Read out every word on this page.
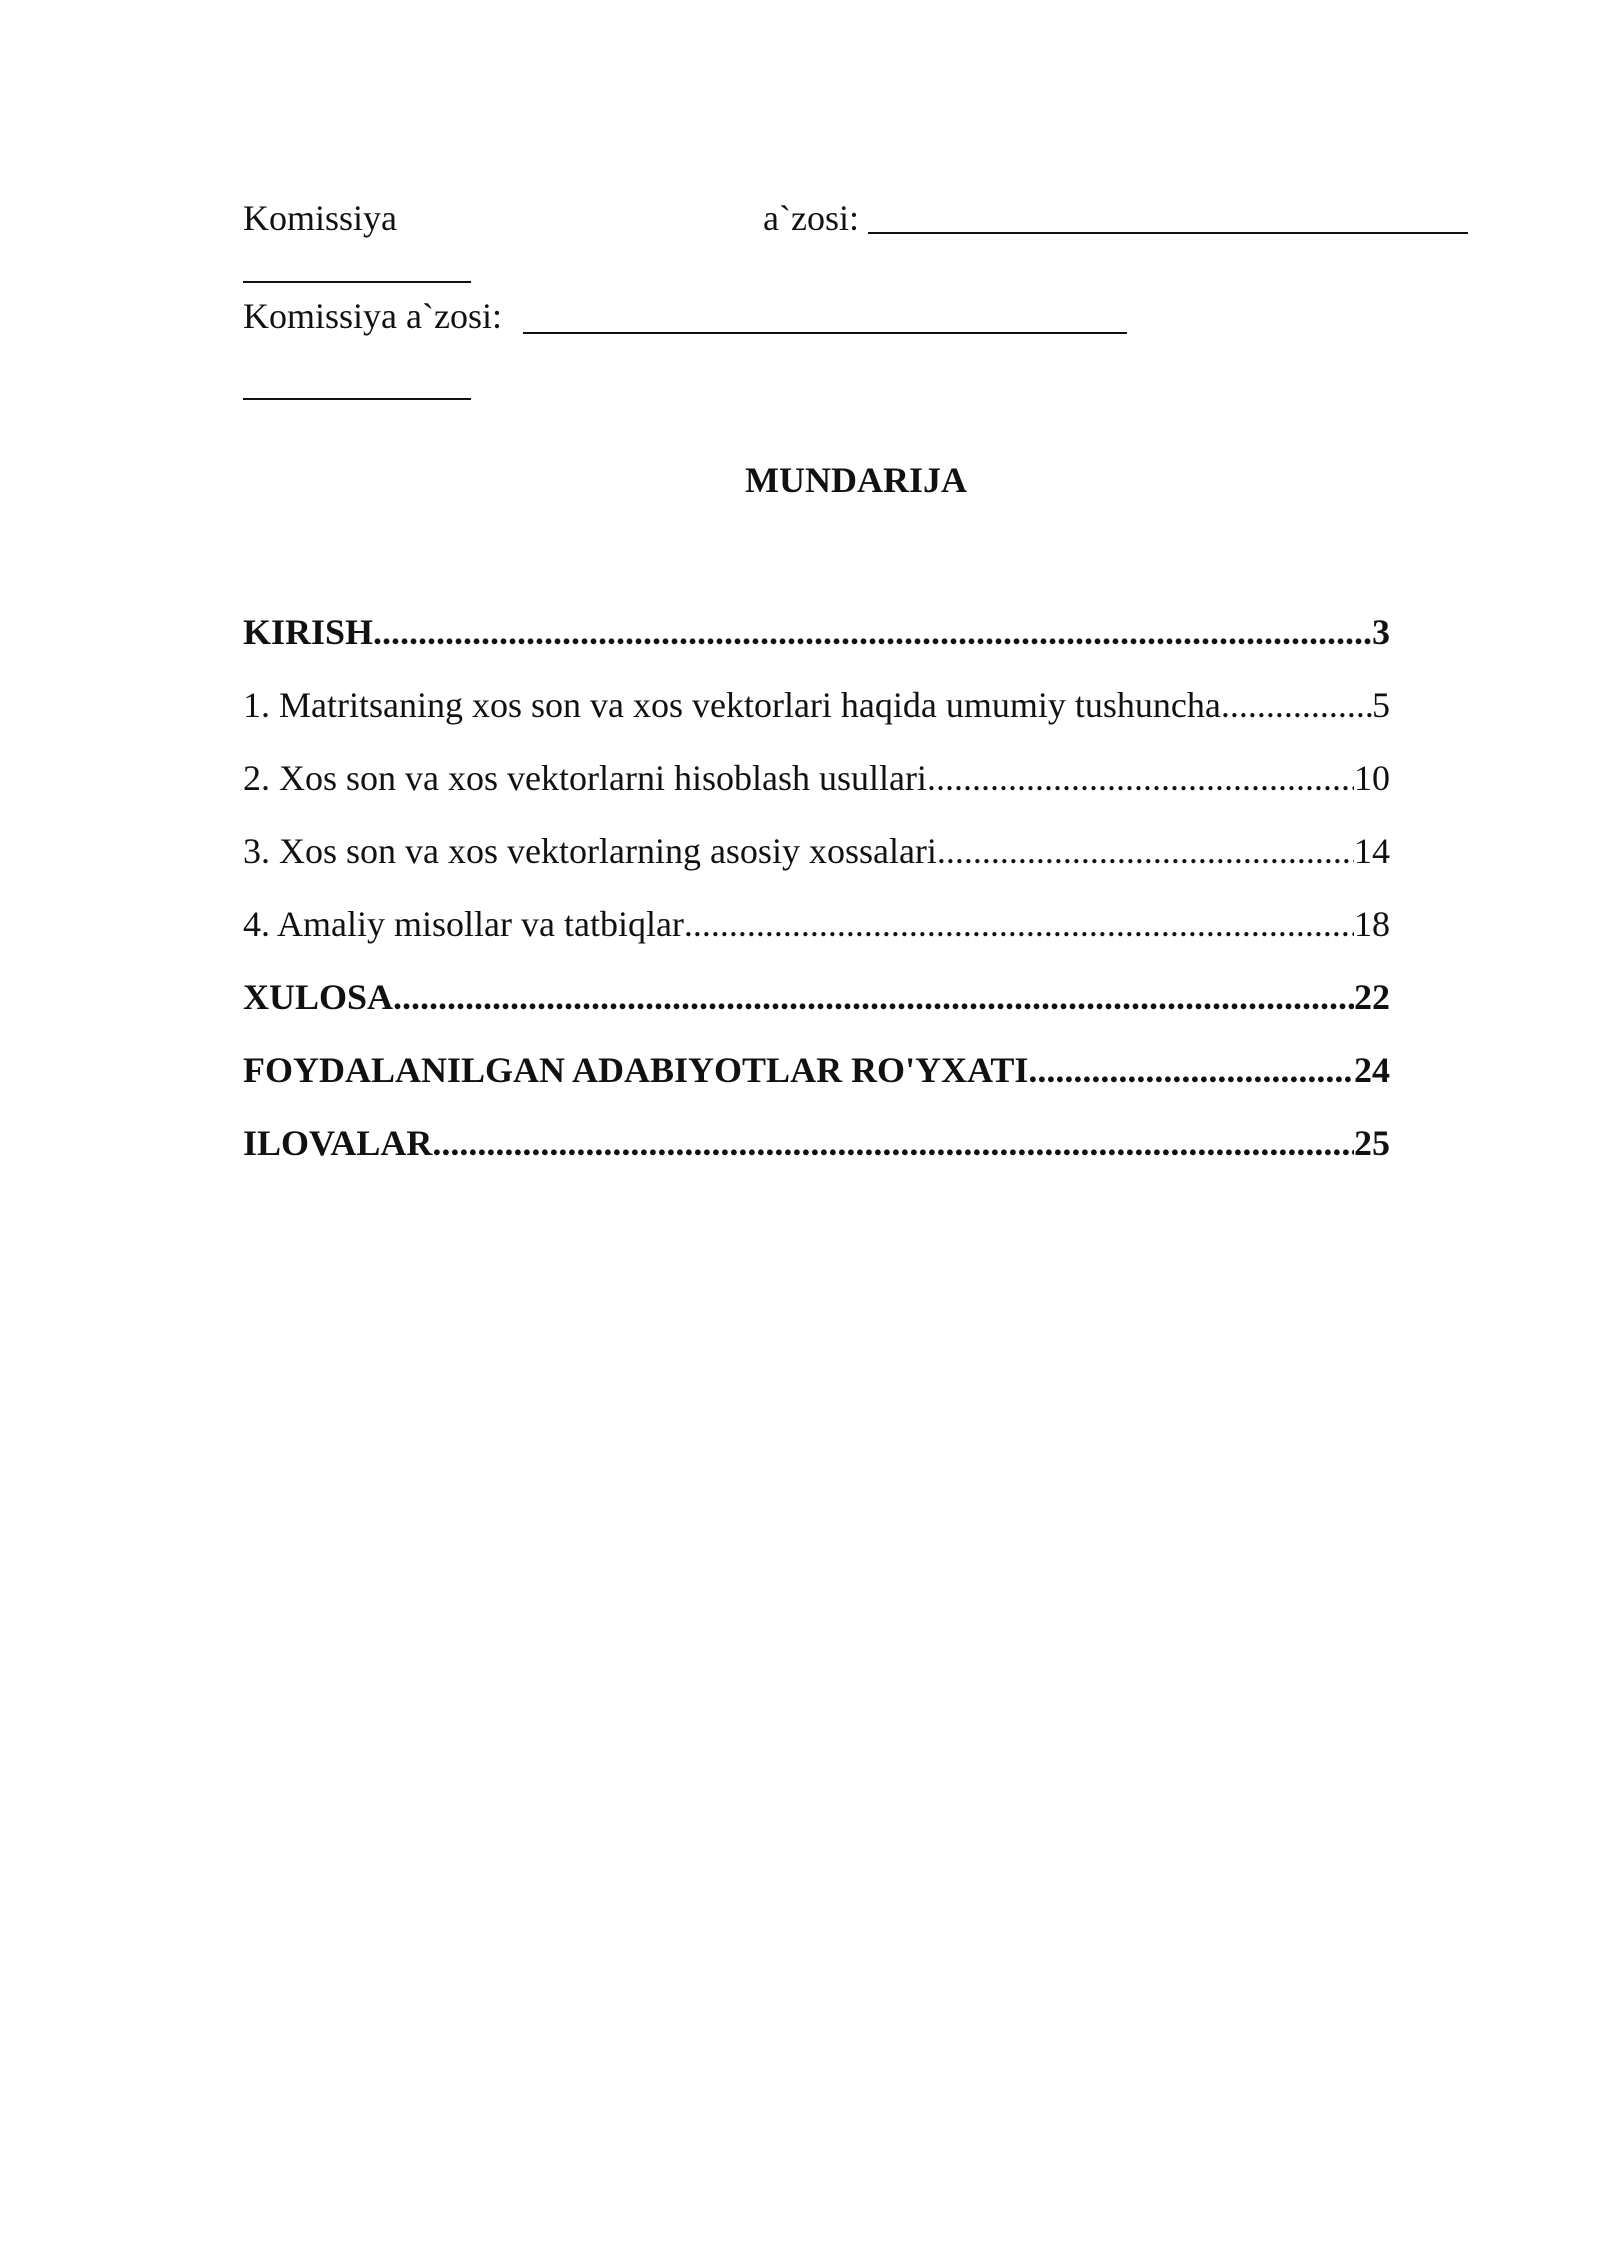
Komissiya	a`zosi:
Komissiya a`zosi:
MUNDARIJA
KIRISH .....	3
1. Matritsaning xos son va xos vektorlari haqida umumiy tushuncha .....	5
2. Xos son va xos vektorlarni hisoblash usullari .....	10
3. Xos son va xos vektorlarning asosiy xossalari .....	14
4. Amaliy misollar va tatbiqlar .....	18
XULOSA .....	22
FOYDALANILGAN ADABIYOTLAR RO'YXATI .....	24
ILOVALAR .....	25
